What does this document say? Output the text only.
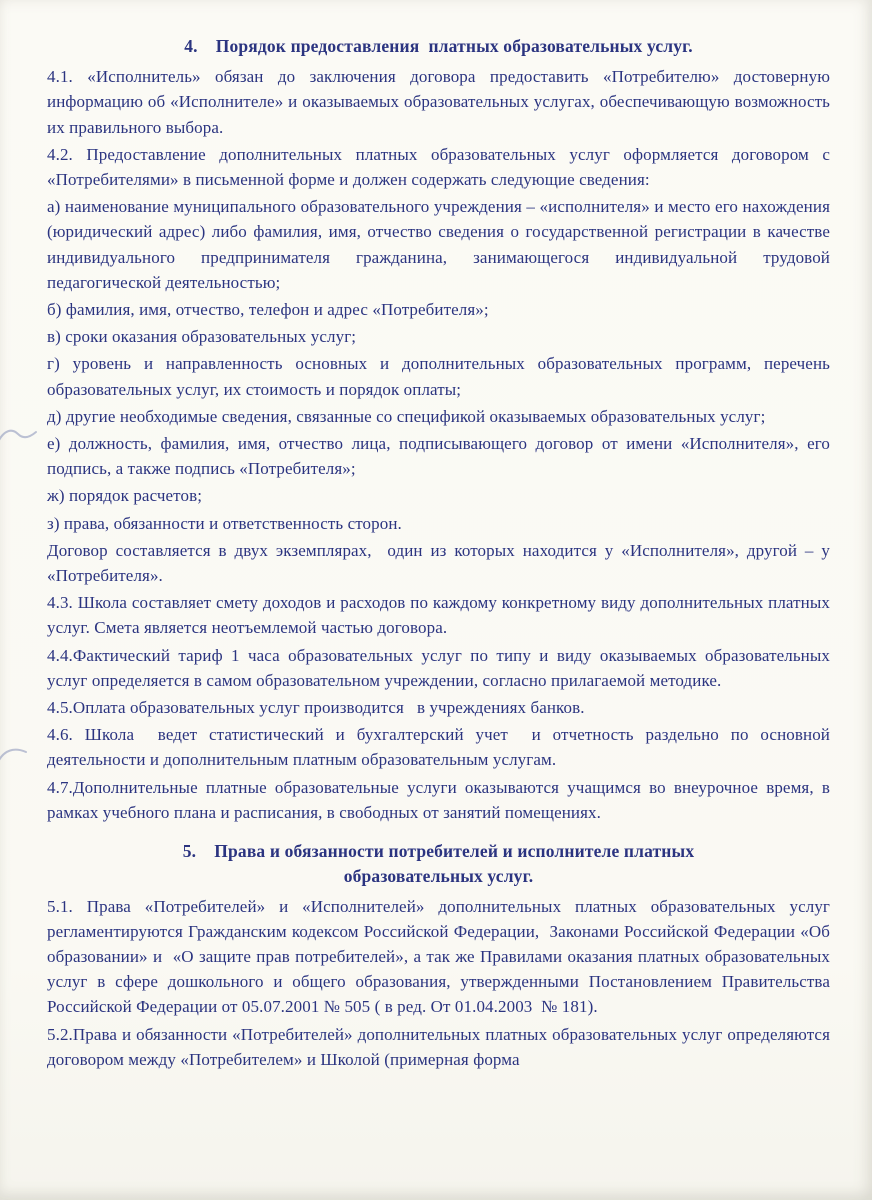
4.    Порядок предоставления  платных образовательных услуг.

4.1. «Исполнитель» обязан до заключения договора предоставить «Потребителю» достоверную информацию об «Исполнителе» и оказываемых образовательных услугах, обеспечивающую возможность их правильного выбора.

4.2. Предоставление дополнительных платных образовательных услуг оформляется договором с «Потребителями» в письменной форме и должен содержать следующие сведения:

а) наименование муниципального образовательного учреждения – «исполнителя» и место его нахождения (юридический адрес) либо фамилия, имя, отчество сведения о государственной регистрации в качестве индивидуального предпринимателя гражданина, занимающегося индивидуальной трудовой педагогической деятельностью;

б) фамилия, имя, отчество, телефон и адрес «Потребителя»;

в) сроки оказания образовательных услуг;

г) уровень и направленность основных и дополнительных образовательных программ, перечень образовательных услуг, их стоимость и порядок оплаты;

д) другие необходимые сведения, связанные со спецификой оказываемых образовательных услуг;

е) должность, фамилия, имя, отчество лица, подписывающего договор от имени «Исполнителя», его подпись, а также подпись «Потребителя»;

ж) порядок расчетов;

з) права, обязанности и ответственность сторон.

Договор составляется в двух экземплярах,  один из которых находится у «Исполнителя», другой – у «Потребителя».

4.3. Школа составляет смету доходов и расходов по каждому конкретному виду дополнительных платных услуг. Смета является неотъемлемой частью договора.

4.4.Фактический тариф 1 часа образовательных услуг по типу и виду оказываемых образовательных услуг определяется в самом образовательном учреждении, согласно прилагаемой методике.

4.5.Оплата образовательных услуг производится   в учреждениях банков.

4.6. Школа  ведет статистический и бухгалтерский учет  и отчетность раздельно по основной деятельности и дополнительным платным образовательным услугам.

4.7.Дополнительные платные образовательные услуги оказываются учащимся во внеурочное время, в рамках учебного плана и расписания, в свободных от занятий помещениях.

5.    Права и обязанности потребителей и исполнителе платных
образовательных услуг.

5.1. Права «Потребителей» и «Исполнителей» дополнительных платных образовательных услуг регламентируются Гражданским кодексом Российской Федерации,  Законами Российской Федерации «Об образовании» и  «О защите прав потребителей», а так же Правилами оказания платных образовательных услуг в сфере дошкольного и общего образования, утвержденными Постановлением Правительства Российской Федерации от 05.07.2001 № 505 ( в ред. От 01.04.2003  № 181).

5.2.Права и обязанности «Потребителей» дополнительных платных образовательных услуг определяются договором между «Потребителем» и Школой (примерная форма
